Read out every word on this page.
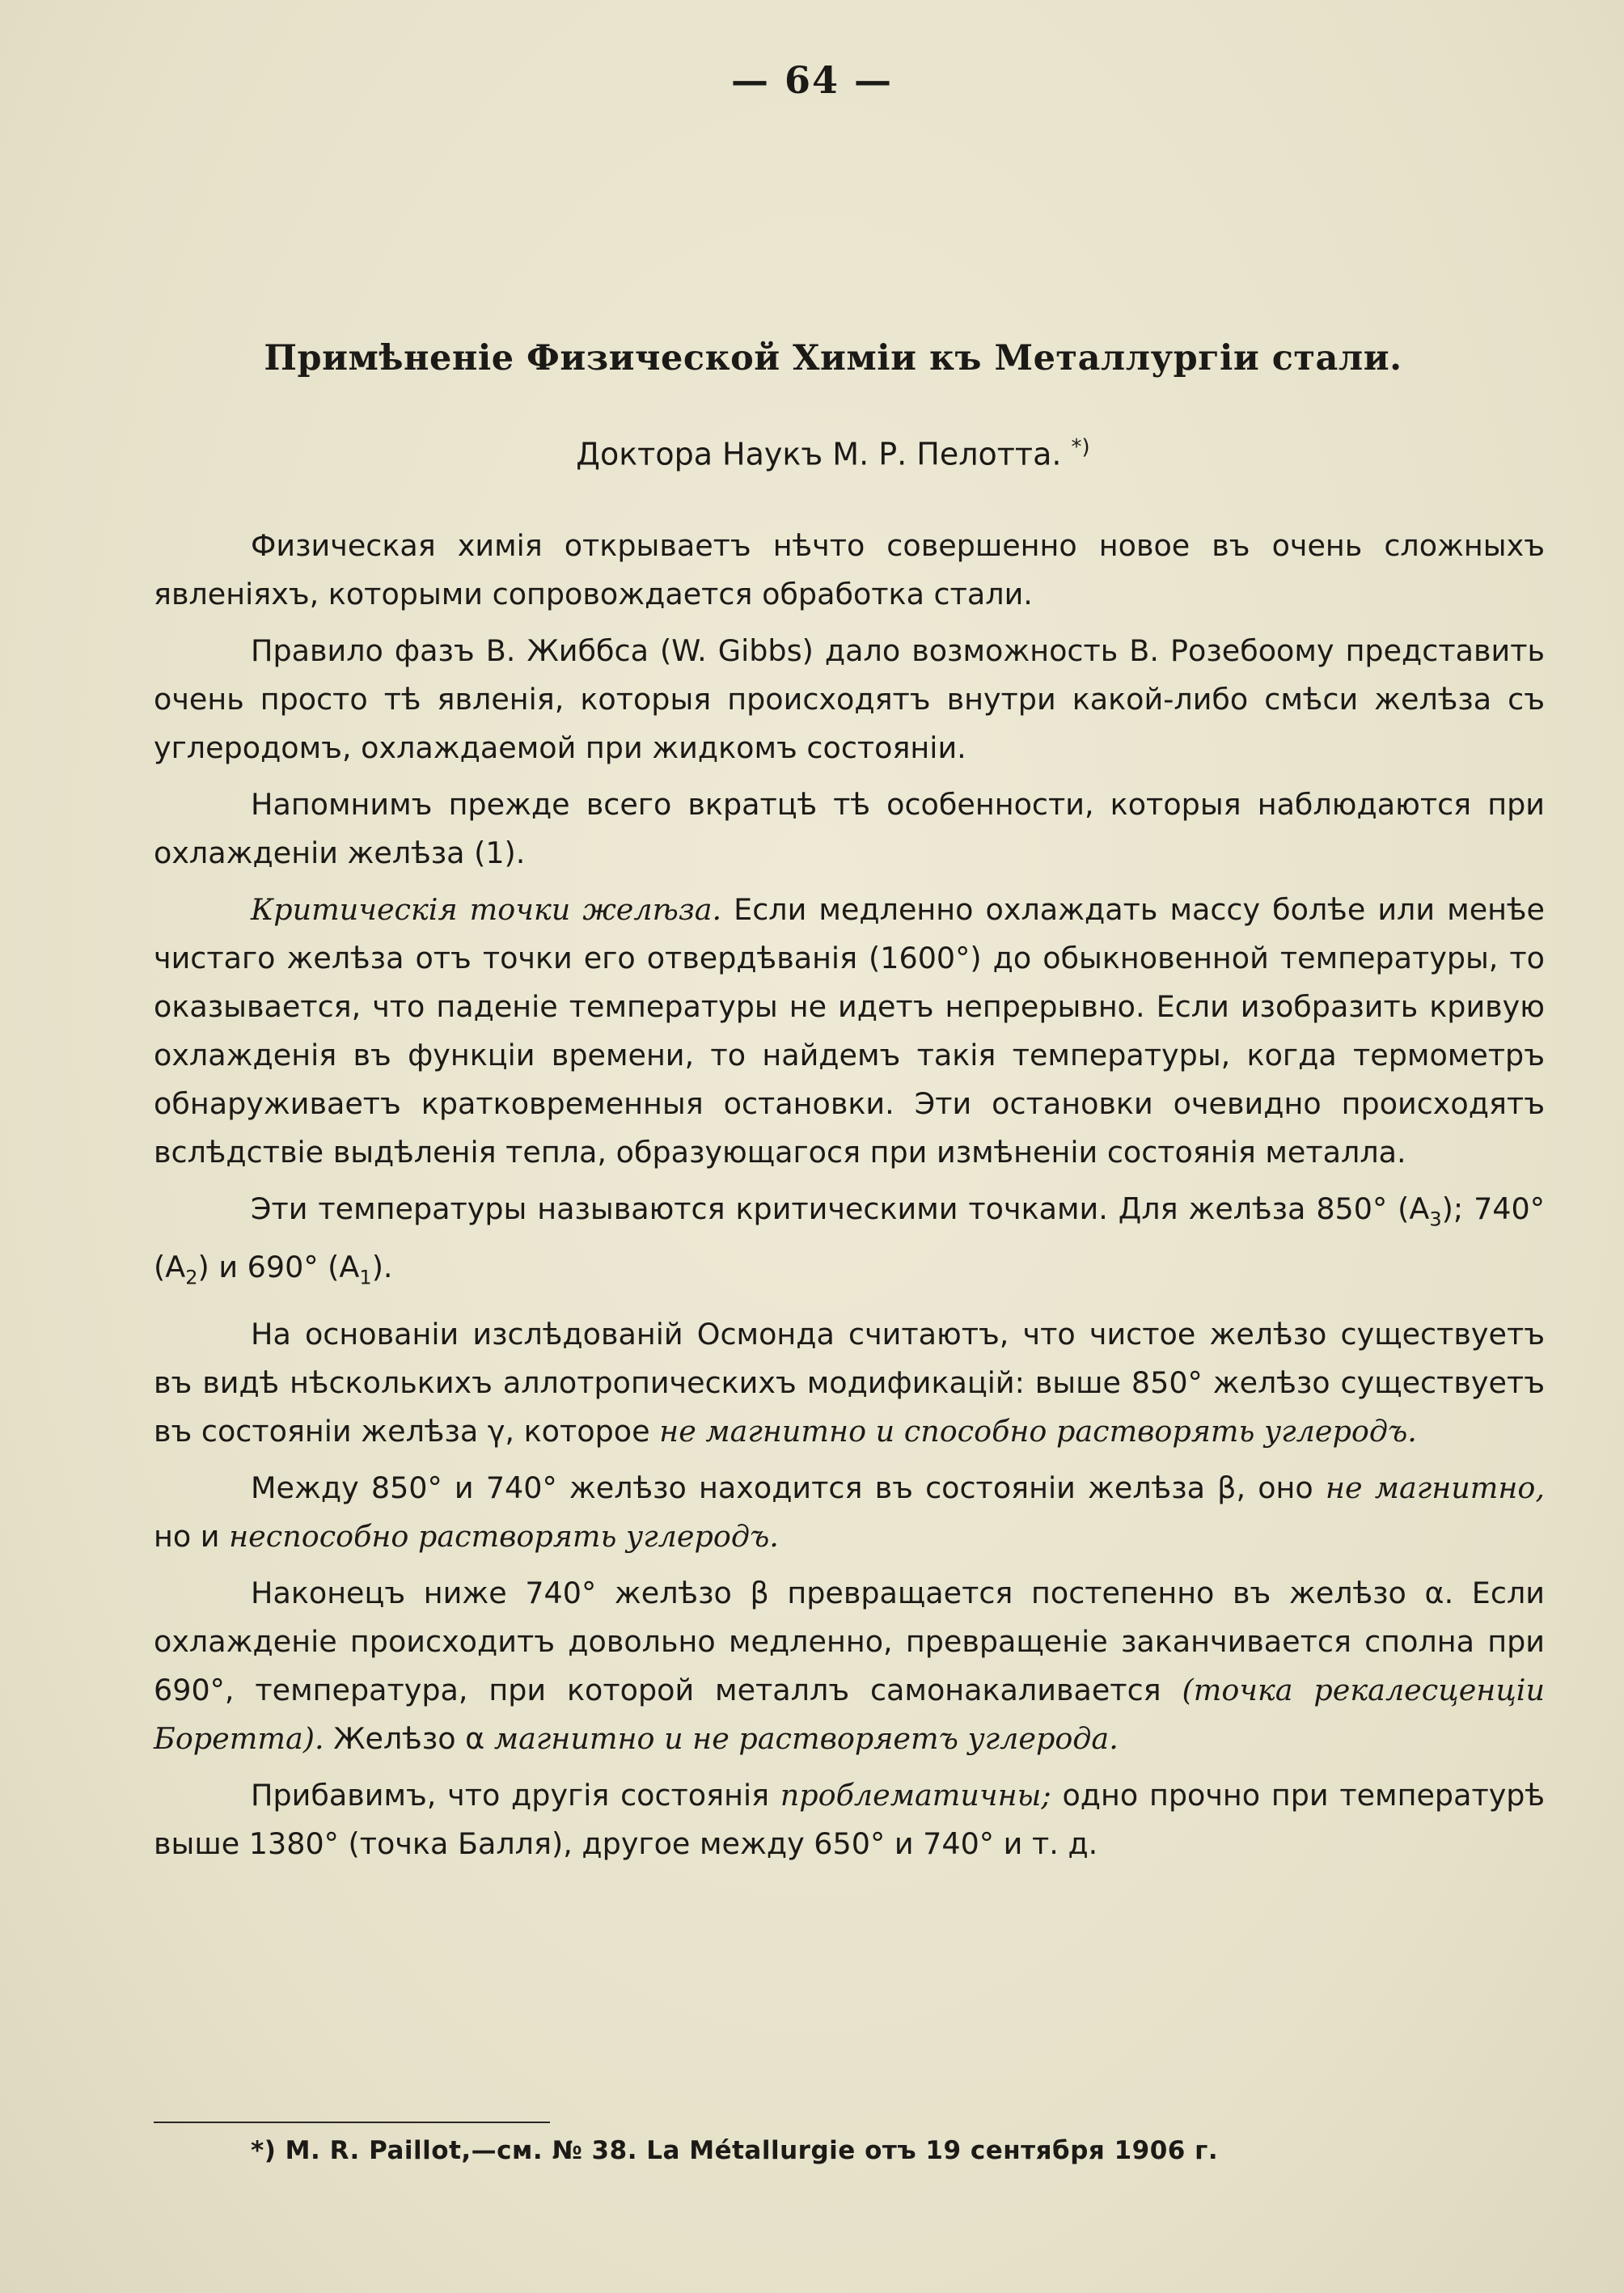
— 64 —
Примѣненіе Физической Химіи къ Металлургіи стали.
Доктора Наукъ М. Р. Пелотта. *)

Физическая химія открываетъ нѣчто совершенно новое въ очень сложныхъ явленіяхъ, которыми сопровождается обработка стали.

Правило фазъ В. Жиббса (W. Gibbs) дало возможность В. Розебоому представить очень просто тѣ явленія, которыя происходятъ внутри какой-либо смѣси желѣза съ углеродомъ, охлаждаемой при жидкомъ состояніи.

Напомнимъ прежде всего вкратцѣ тѣ особенности, которыя наблюдаются при охлажденіи желѣза (1).

Критическія точки желѣза. Если медленно охлаждать массу болѣе или менѣе чистаго желѣза отъ точки его отвердѣванія (1600°) до обыкновенной температуры, то оказывается, что паденіе температуры не идетъ непрерывно. Если изобразить кривую охлажденія въ функціи времени, то найдемъ такія температуры, когда термометръ обнаруживаетъ кратковременныя остановки. Эти остановки очевидно происходятъ вслѣдствіе выдѣленія тепла, образующагося при измѣненіи состоянія металла.

Эти температуры называются критическими точками. Для желѣза 850° $(A_3)$; 740° $(A_2)$ и 690° $(A_1)$.

На основаніи изслѣдованій Осмонда считаютъ, что чистое желѣзо существуетъ въ видѣ нѣсколькихъ аллотропическихъ модификацій: выше 850° желѣзо существуетъ въ состояніи желѣза γ, которое не магнитно и способно растворять углеродъ.

Между 850° и 740° желѣзо находится въ состояніи желѣза β, оно не магнитно, но и неспособно растворять углеродъ.

Наконецъ ниже 740° желѣзо β превращается постепенно въ желѣзо α. Если охлажденіе происходитъ довольно медленно, превращеніе заканчивается сполна при 690°, температура, при которой металлъ самонакаливается (точка рекалесценціи Боретта). Желѣзо α магнитно и не растворяетъ углерода.

Прибавимъ, что другія состоянія проблематичны; одно прочно при температурѣ выше 1380° (точка Балля), другое между 650° и 740° и т. д.

*) M. R. Paillot,—см. № 38. La Métallurgie отъ 19 сентября 1906 г.
